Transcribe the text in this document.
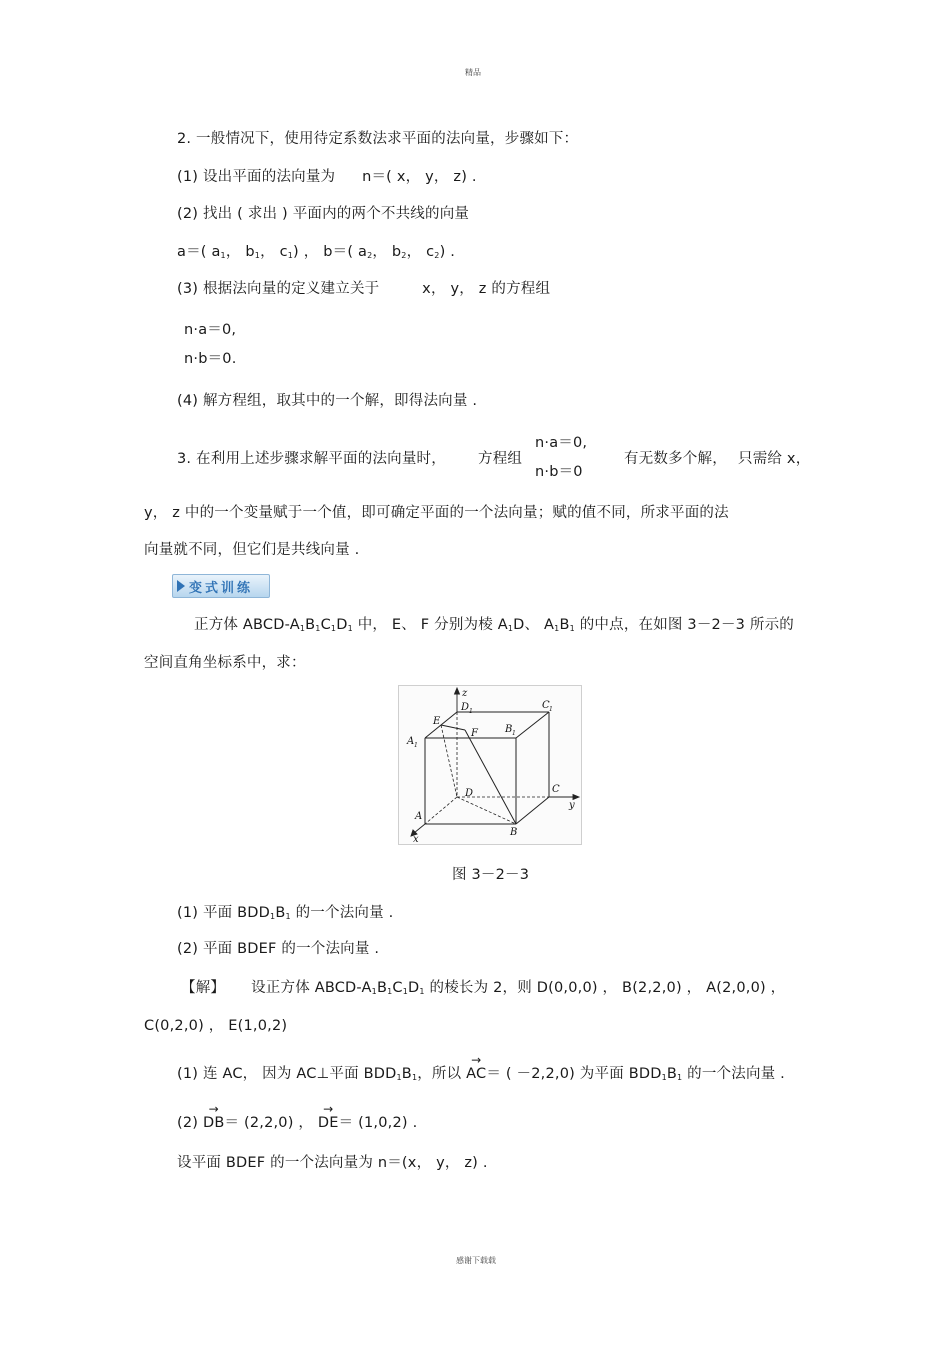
精品
2. 一般情况下，使用待定系数法求平面的法向量，步骤如下：
(1) 设出平面的法向量为 n＝( x， y， z) .
(2) 找出 ( 求出 ) 平面内的两个不共线的向量
a＝( $a_1$， $b_1$， $c_1$) ， b＝( $a_2$， $b_2$， $c_2$) .
(3) 根据法向量的定义建立关于	x， y， z 的方程组
n·a＝0,
n·b＝0.
(4) 解方程组，取其中的一个解，即得法向量 .
3. 在利用上述步骤求解平面的法向量时， 方程组
n·a＝0,
n·b＝0
有无数多个解， 只需给 x，
y， z 中的一个变量赋于一个值，即可确定平面的一个法向量；赋的值不同，所求平面的法
向量就不同，但它们是共线向量 .
变式训练
正方体 ABCD-$A_1B_1C_1D_1$ 中， E、 F 分别为棱 $A_1D$、 $A_1B_1$ 的中点，在如图 3－2－3 所示的
空间直角坐标系中，求：
z
y
x
D 1
C 1
A 1
B 1
E
F
D	C
A
B
图 3－2－3
(1) 平面 $BDD_1B_1$ 的一个法向量 .
(2) 平面 BDEF 的一个法向量 .
【解】 设正方体 ABCD-$A_1B_1C_1D_1$ 的棱长为 2，则 D(0,0,0) ， B(2,2,0) ， A(2,0,0) ，
C(0,2,0) ， E(1,0,2)
(1) 连 AC， 因为 AC⊥平面 $BDD_1B_1$，所以 → AC＝ ( －2,2,0) 为平面 $BDD_1B_1$ 的一个法向量 .
(2) → DB＝ (2,2,0) ， → DE＝ (1,0,2) .
设平面 BDEF 的一个法向量为 n＝(x， y， z) .
感谢下载载
